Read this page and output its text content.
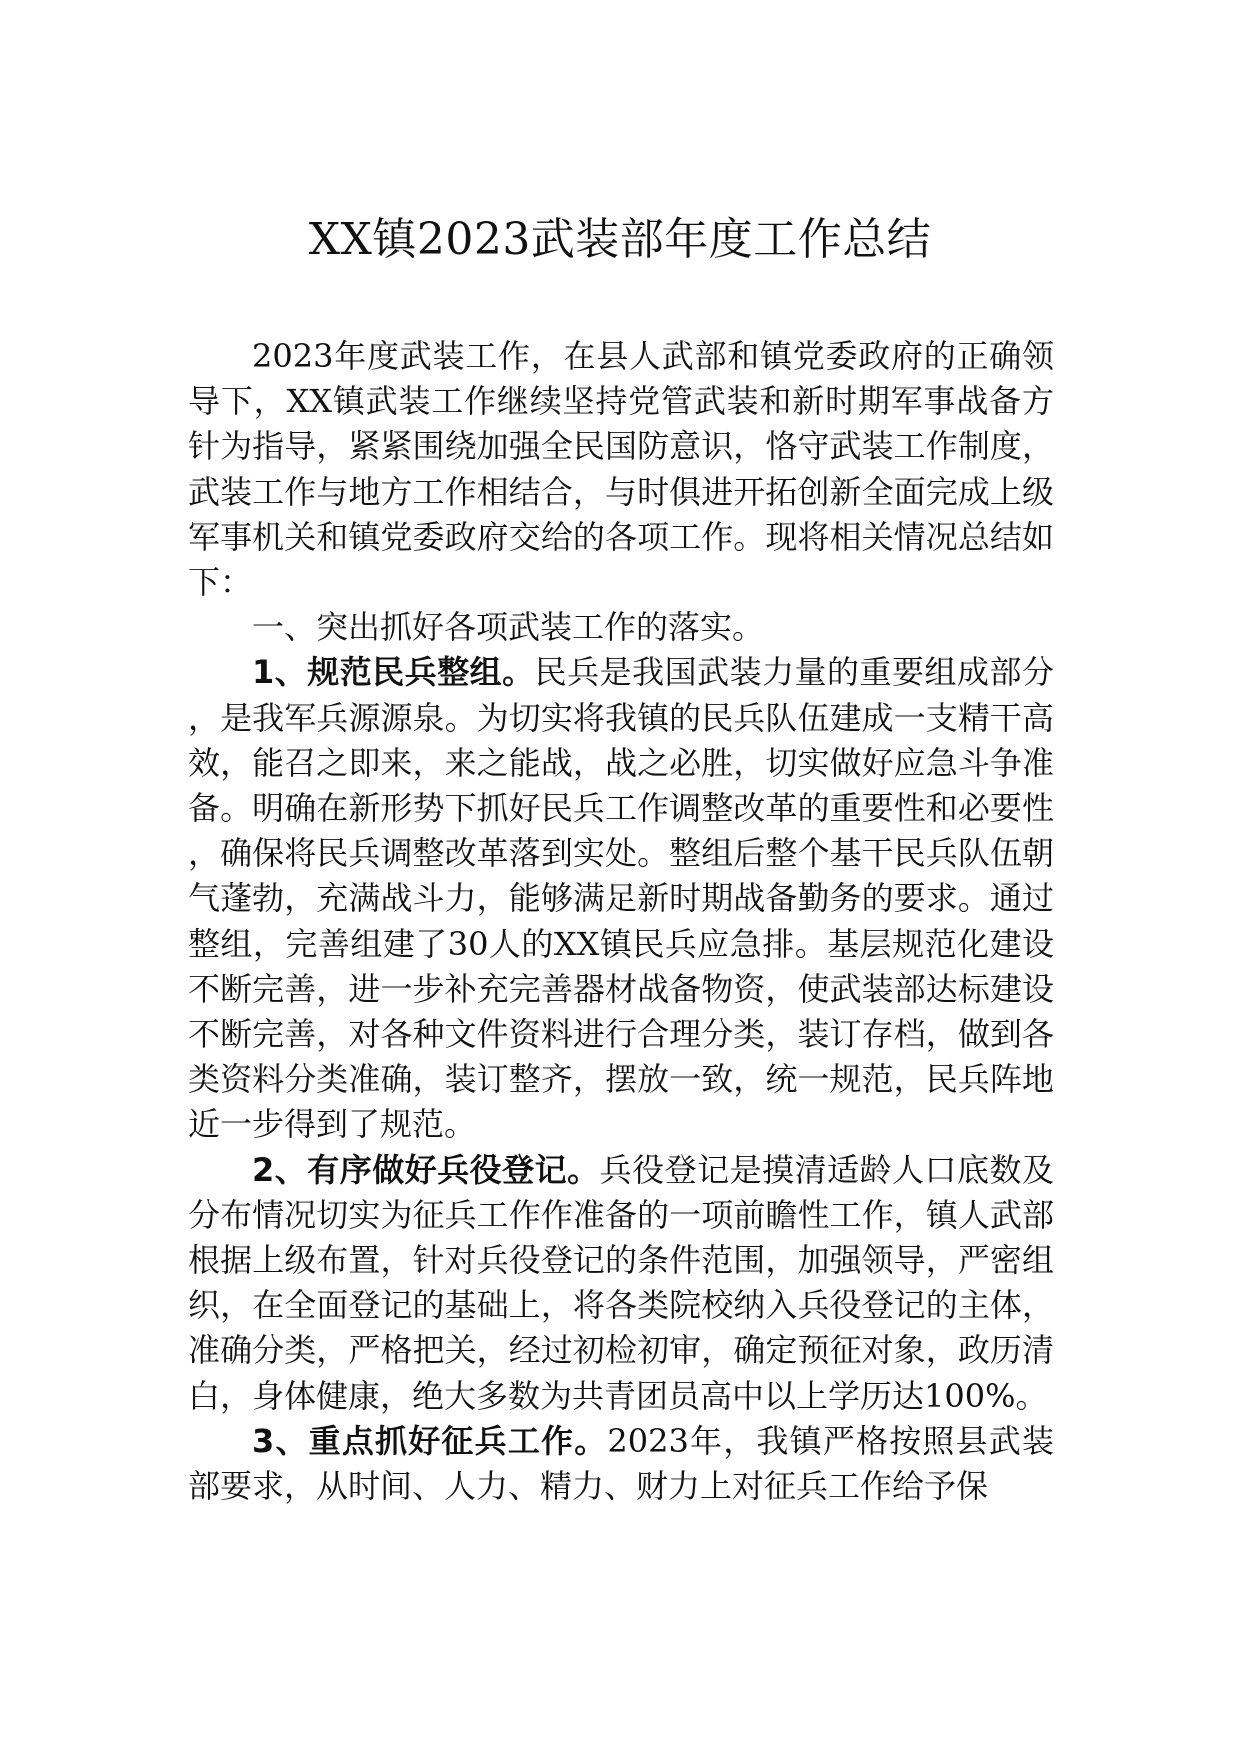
XX镇2023武装部年度工作总结

2023年度武装工作，在县人武部和镇党委政府的正确领导下，XX镇武装工作继续坚持党管武装和新时期军事战备方针为指导，紧紧围绕加强全民国防意识，恪守武装工作制度，武装工作与地方工作相结合，与时俱进开拓创新全面完成上级军事机关和镇党委政府交给的各项工作。现将相关情况总结如下：

一、突出抓好各项武装工作的落实。

1、规范民兵整组。民兵是我国武装力量的重要组成部分，是我军兵源源泉。为切实将我镇的民兵队伍建成一支精干高效，能召之即来，来之能战，战之必胜，切实做好应急斗争准备。明确在新形势下抓好民兵工作调整改革的重要性和必要性，确保将民兵调整改革落到实处。整组后整个基干民兵队伍朝气蓬勃，充满战斗力，能够满足新时期战备勤务的要求。通过整组，完善组建了30人的XX镇民兵应急排。基层规范化建设不断完善，进一步补充完善器材战备物资，使武装部达标建设不断完善，对各种文件资料进行合理分类，装订存档，做到各类资料分类准确，装订整齐，摆放一致，统一规范，民兵阵地近一步得到了规范。

2、有序做好兵役登记。兵役登记是摸清适龄人口底数及分布情况切实为征兵工作作准备的一项前瞻性工作，镇人武部根据上级布置，针对兵役登记的条件范围，加强领导，严密组织，在全面登记的基础上，将各类院校纳入兵役登记的主体，准确分类，严格把关，经过初检初审，确定预征对象，政历清白，身体健康，绝大多数为共青团员高中以上学历达100%。

3、重点抓好征兵工作。2023年，我镇严格按照县武装部要求，从时间、人力、精力、财力上对征兵工作给予保
